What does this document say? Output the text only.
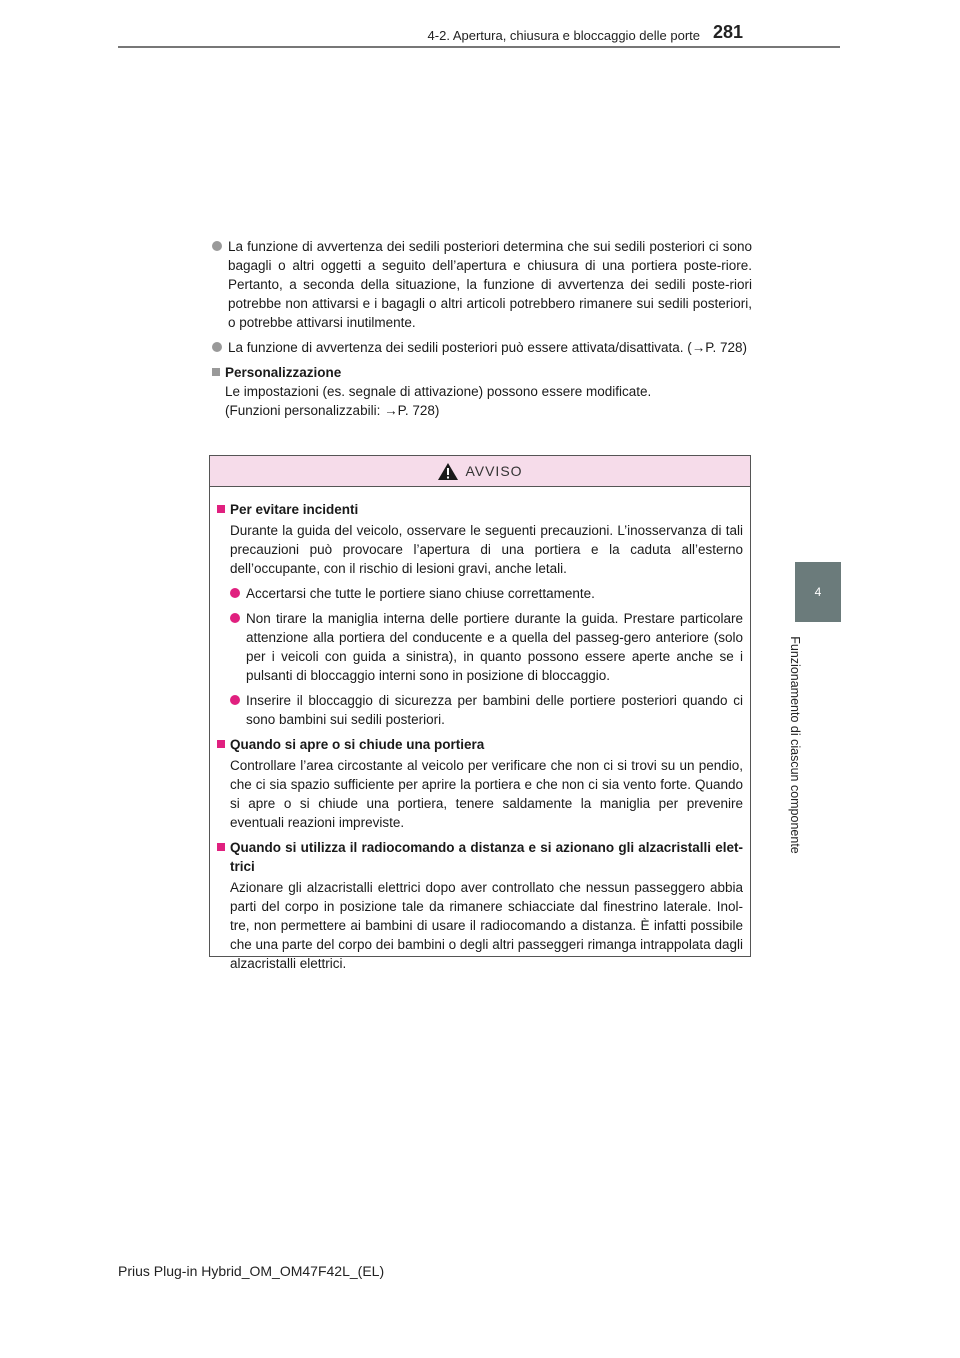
4-2. Apertura, chiusura e bloccaggio delle porte 281
4
Funzionamento di ciascun componente
La funzione di avvertenza dei sedili posteriori determina che sui sedili posteriori ci sono bagagli o altri oggetti a seguito dell’apertura e chiusura di una portiera poste-riore. Pertanto, a seconda della situazione, la funzione di avvertenza dei sedili poste-riori potrebbe non attivarsi e i bagagli o altri articoli potrebbero rimanere sui sedili posteriori, o potrebbe attivarsi inutilmente.
La funzione di avvertenza dei sedili posteriori può essere attivata/disattivata. (→P. 728)
Personalizzazione
Le impostazioni (es. segnale di attivazione) possono essere modificate.
(Funzioni personalizzabili: →P. 728)
AVVISO
Per evitare incidenti
Durante la guida del veicolo, osservare le seguenti precauzioni. L’inosservanza di tali precauzioni può provocare l’apertura di una portiera e la caduta all’esterno dell’occupante, con il rischio di lesioni gravi, anche letali.
Accertarsi che tutte le portiere siano chiuse correttamente.
Non tirare la maniglia interna delle portiere durante la guida. Prestare particolare attenzione alla portiera del conducente e a quella del passeg-gero anteriore (solo per i veicoli con guida a sinistra), in quanto possono essere aperte anche se i pulsanti di bloccaggio interni sono in posizione di bloccaggio.
Inserire il bloccaggio di sicurezza per bambini delle portiere posteriori quando ci sono bambini sui sedili posteriori.
Quando si apre o si chiude una portiera
Controllare l’area circostante al veicolo per verificare che non ci si trovi su un pendio, che ci sia spazio sufficiente per aprire la portiera e che non ci sia vento forte. Quando si apre o si chiude una portiera, tenere saldamente la maniglia per prevenire eventuali reazioni impreviste.
Quando si utilizza il radiocomando a distanza e si azionano gli alzacristalli elet-trici
Azionare gli alzacristalli elettrici dopo aver controllato che nessun passeggero abbia parti del corpo in posizione tale da rimanere schiacciate dal finestrino laterale. Inol-tre, non permettere ai bambini di usare il radiocomando a distanza. È infatti possibile che una parte del corpo dei bambini o degli altri passeggeri rimanga intrappolata dagli alzacristalli elettrici.
Prius Plug-in Hybrid_OM_OM47F42L_(EL)
